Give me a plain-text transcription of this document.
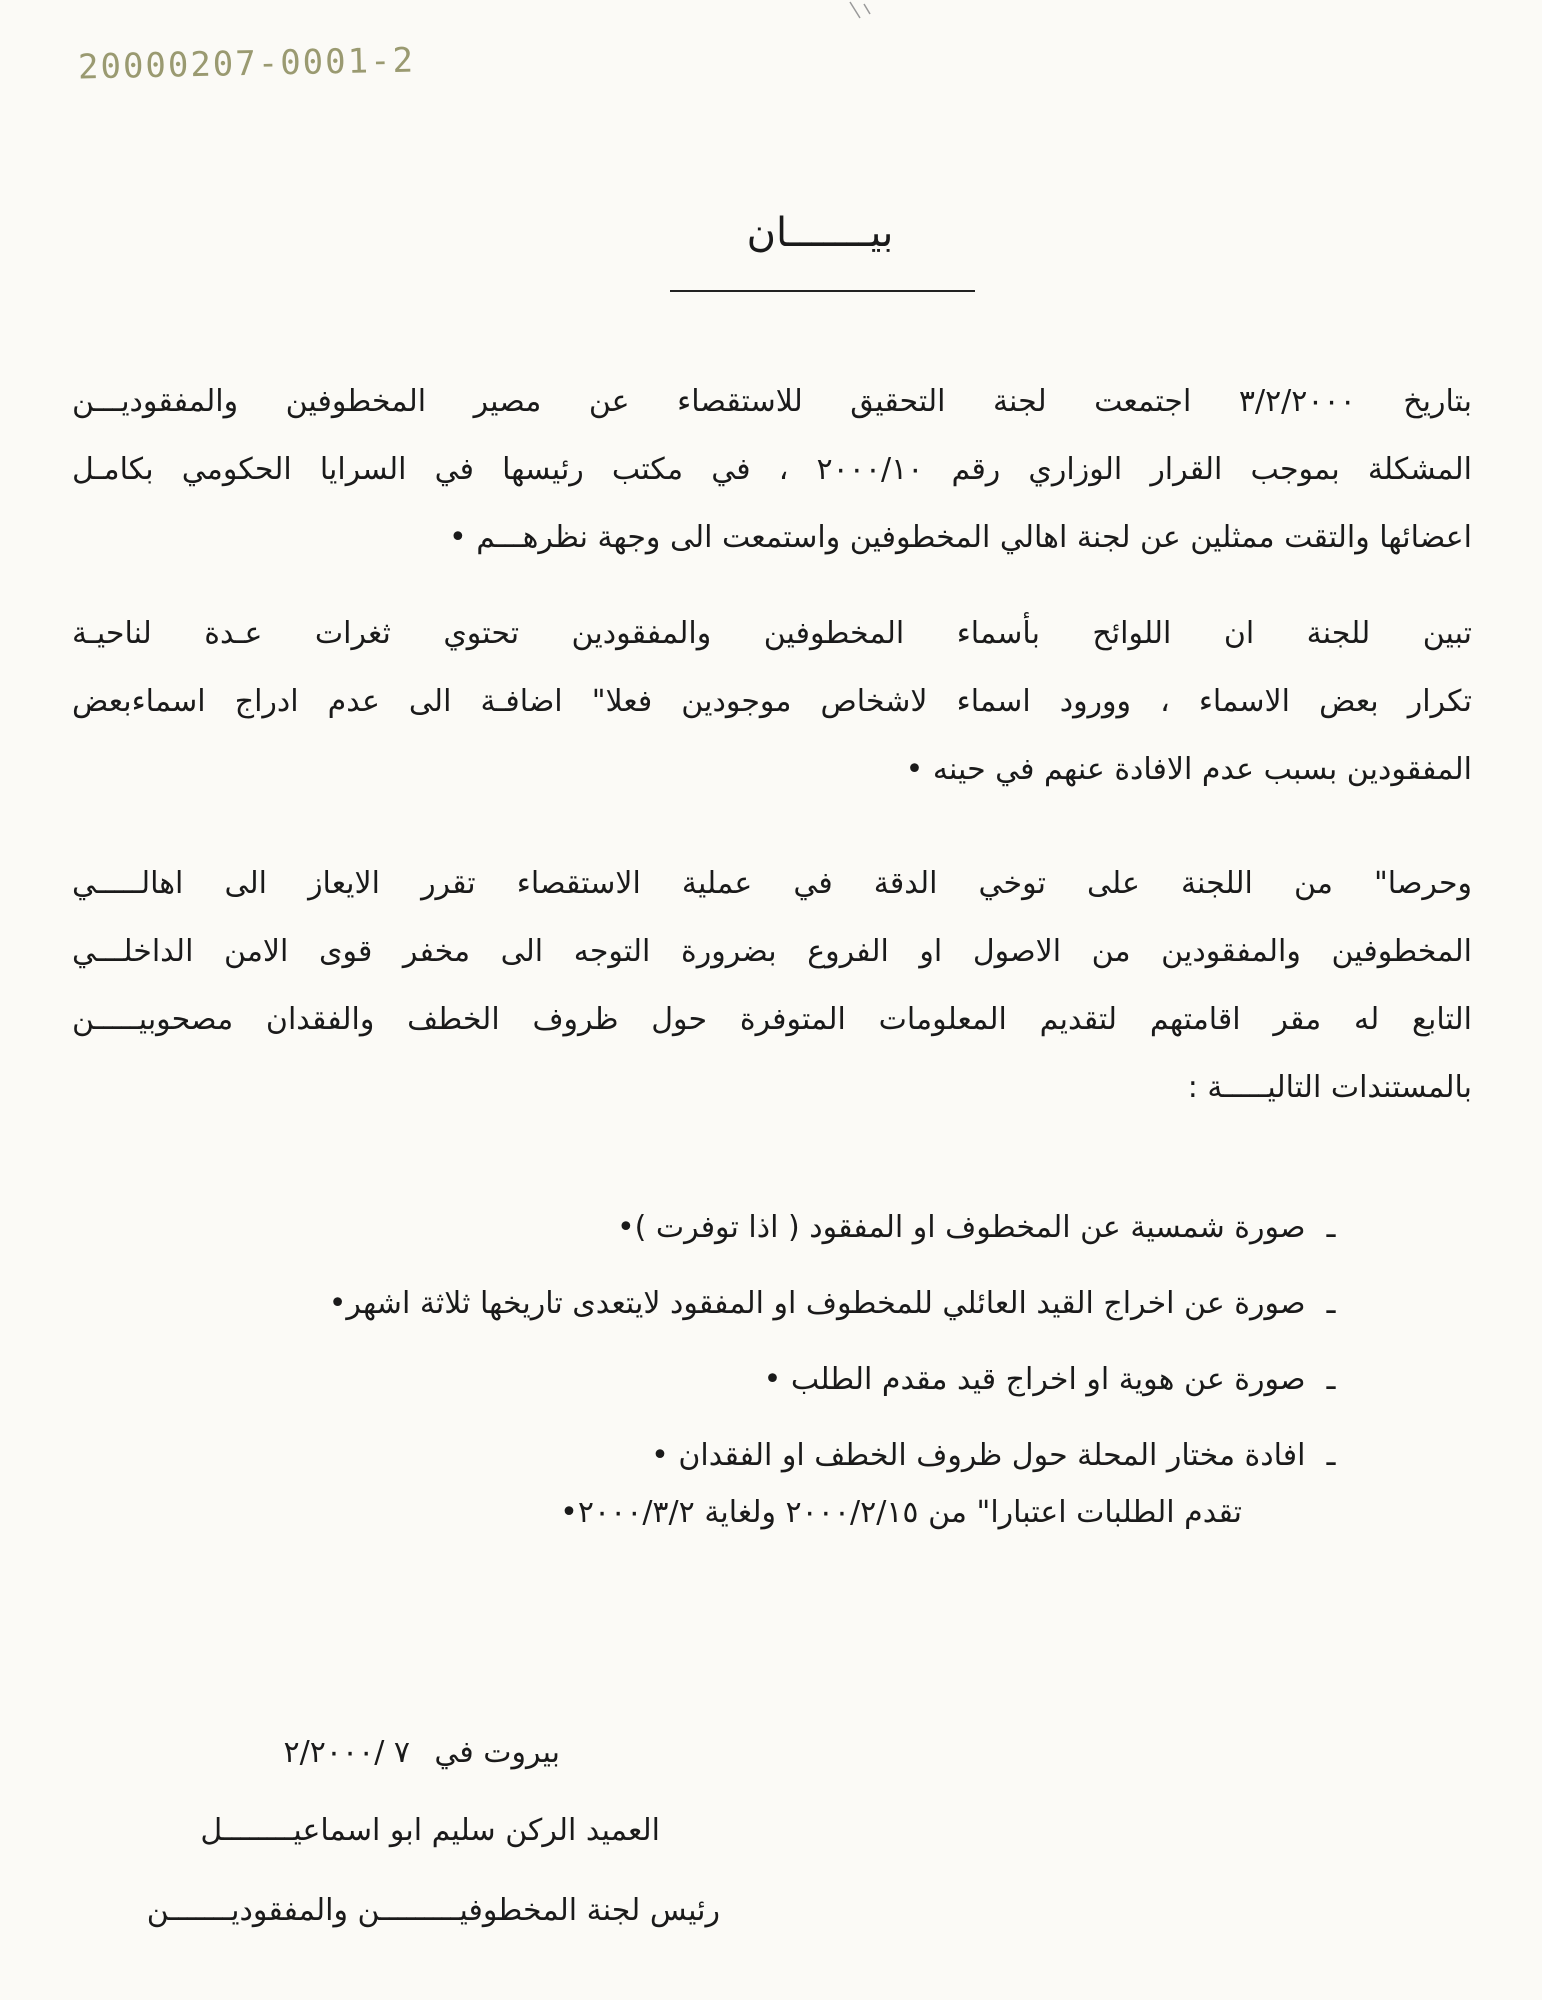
20000207-0001-2
بيـــــــان
بتاريخ ٣/٢/٢٠٠٠ اجتمعت لجنة التحقيق للاستقصاء عن مصير المخطوفين والمفقوديـــن
المشكلة بموجب القرار الوزاري رقم ٢٠٠٠/١٠ ، في مكتب رئيسها في السرايا الحكومي بكامـل
اعضائها والتقت ممثلين عن لجنة اهالي المخطوفين واستمعت الى وجهة نظرهـــم •
تبين للجنة ان اللوائح بأسماء المخطوفين والمفقودين تحتوي ثغرات عـدة لناحيـة
تكرار بعض الاسماء ، وورود اسماء لاشخاص موجودين فعلا" اضافـة الى عدم ادراج اسماءبعض
المفقودين بسبب عدم الافادة عنهم في حينه •
وحرصا" من اللجنة على توخي الدقة في عملية الاستقصاء تقرر الايعاز الى اهالـــــي
المخطوفين والمفقودين من الاصول او الفروع بضرورة التوجه الى مخفر قوى الامن الداخلـــي
التابع له مقر اقامتهم لتقديم المعلومات المتوفرة حول ظروف الخطف والفقدان مصحوبيـــــن
بالمستندات التاليـــــة :
ـ صورة شمسية عن المخطوف او المفقود ( اذا توفرت )•
ـ صورة عن اخراج القيد العائلي للمخطوف او المفقود لايتعدى تاريخها ثلاثة اشهر•
ـ صورة عن هوية او اخراج قيد مقدم الطلب •
ـ افادة مختار المحلة حول ظروف الخطف او الفقدان •
تقدم الطلبات اعتبارا" من ٢٠٠٠/٢/١٥ ولغاية ٢٠٠٠/٣/٢•
بيروت في
٧ /٢/٢٠٠٠
العميد الركن سليم ابو اسماعيــــــــل
رئيس لجنة المخطوفيـــــــــن والمفقوديـــــــن
